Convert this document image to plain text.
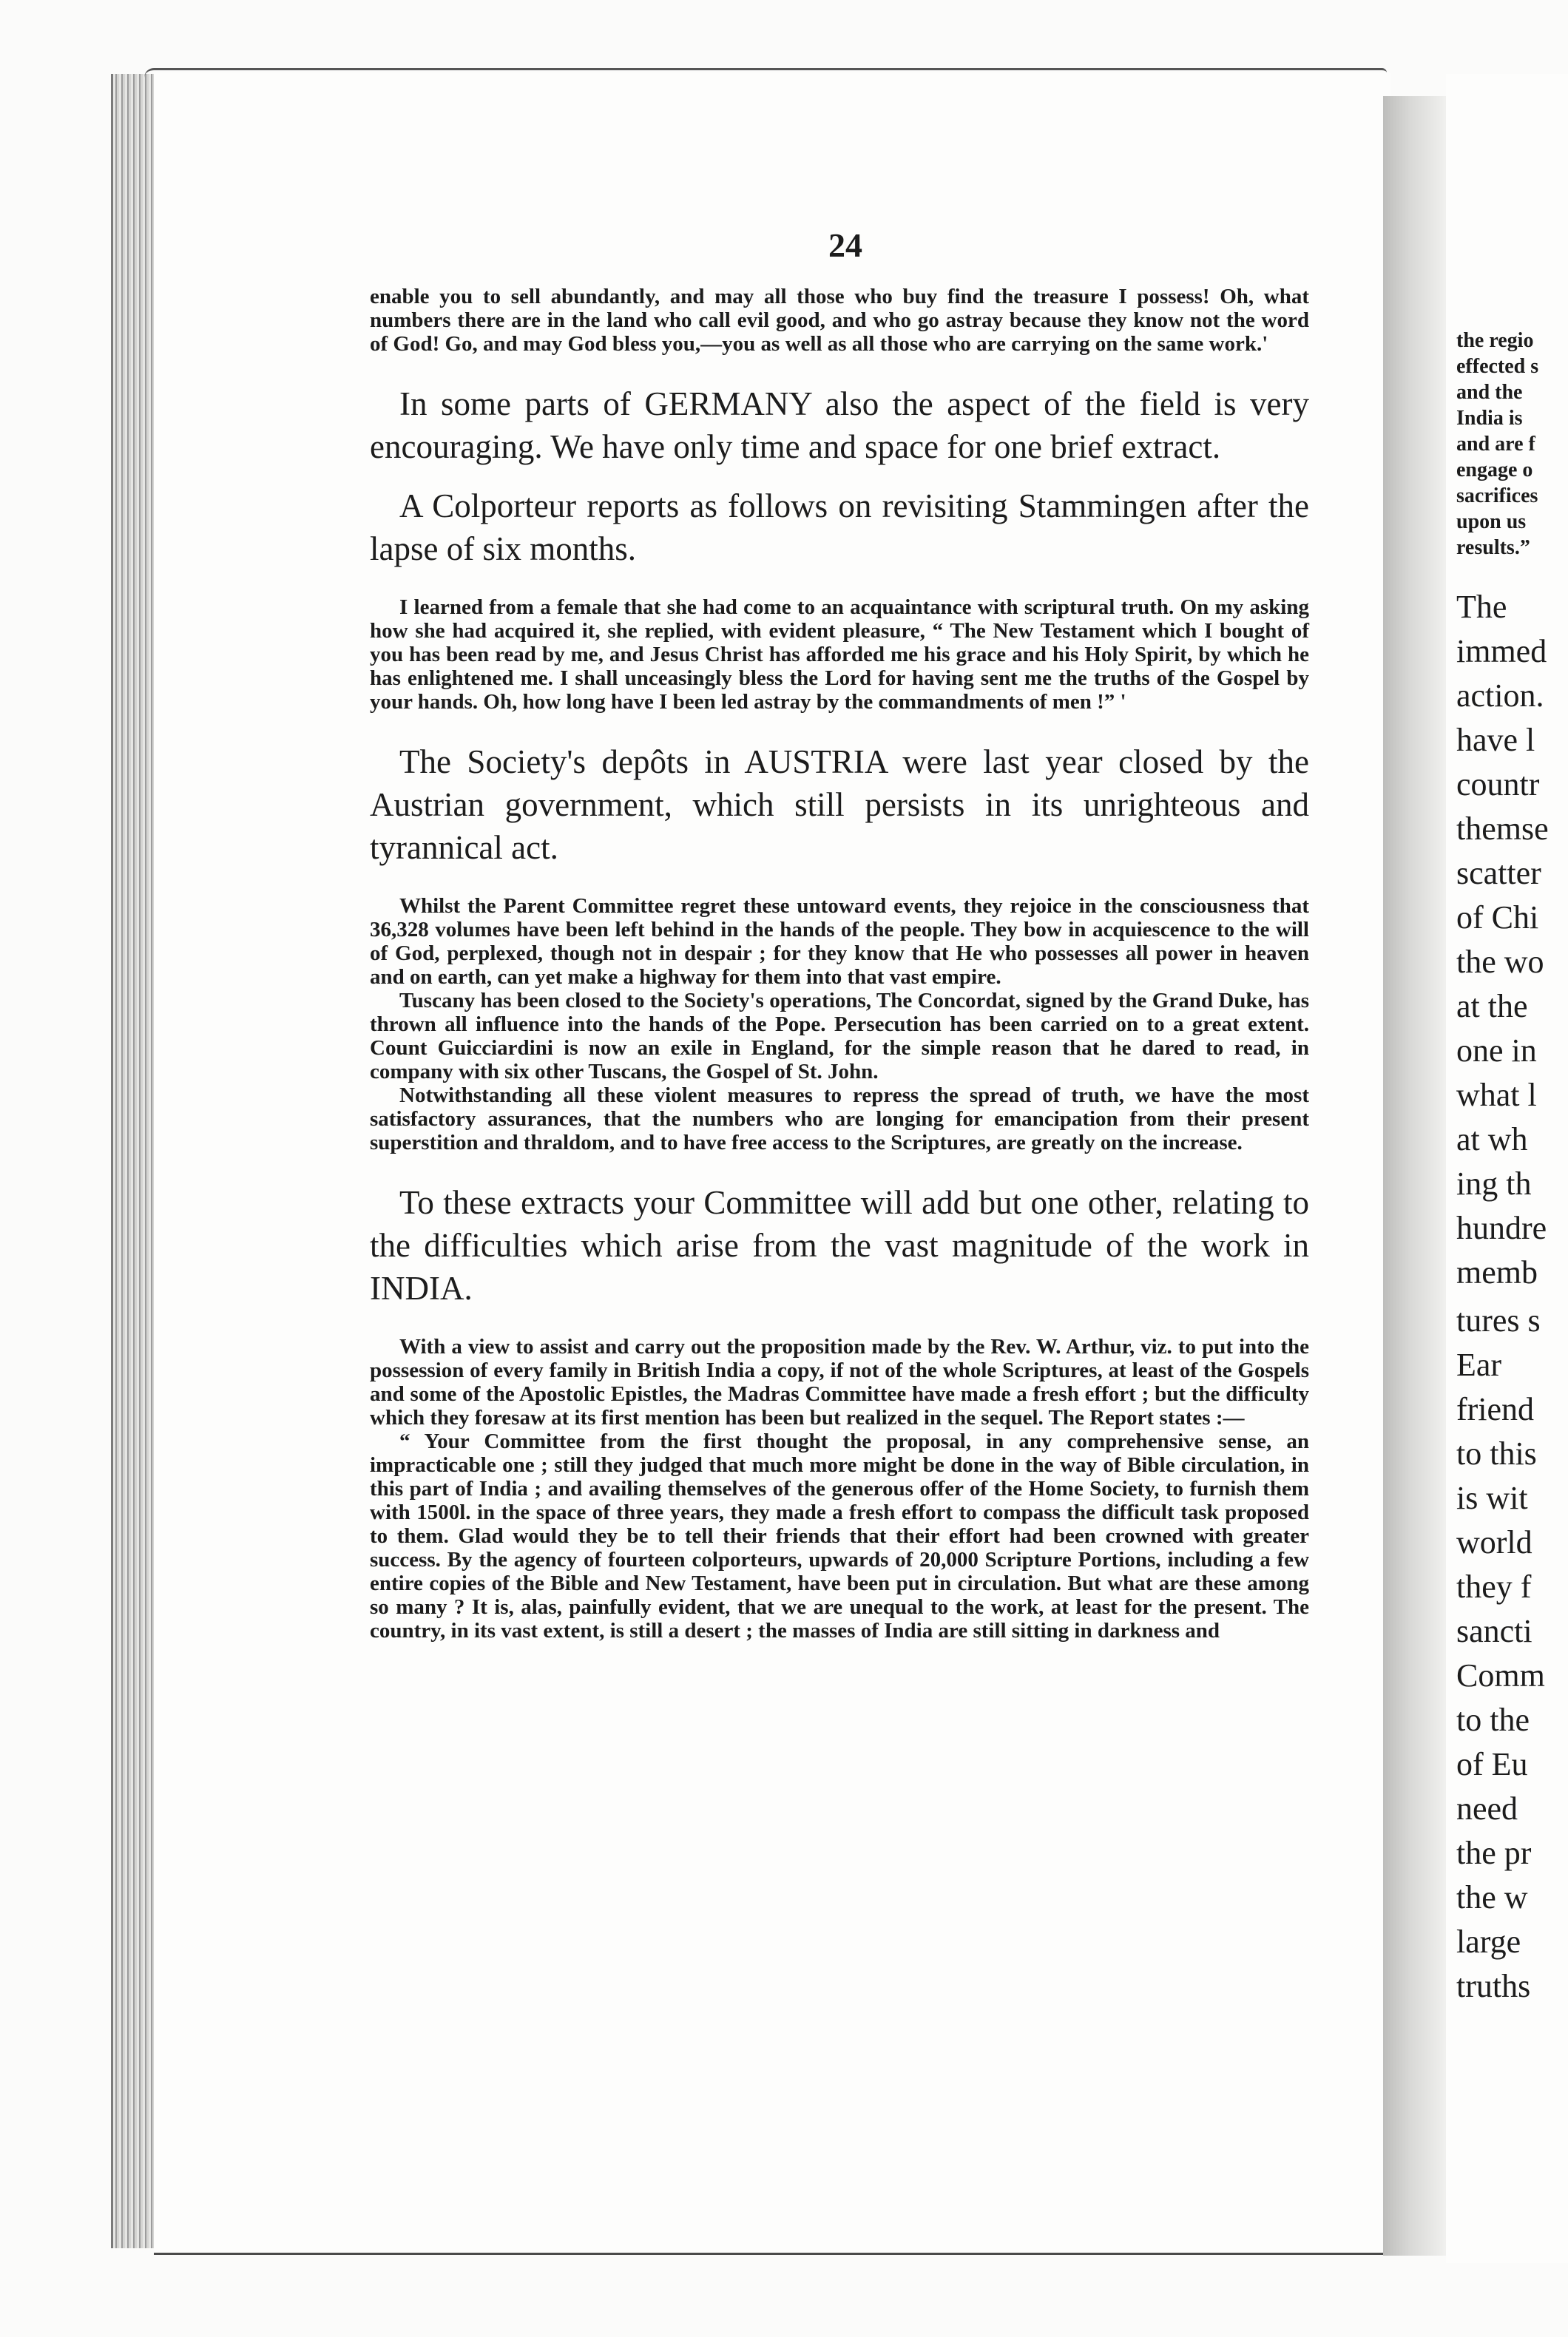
the regio
effected s
and the
India is
and are f
engage o
sacrifices
upon us
results.”
The
immed
action.
have l
countr
themse
scatter
of Chi
the wo
at the
one in
what l
at wh
ing th
hundre
memb
tures s
Ear
friend
to this
is wit
world
they f
sancti
Comm
to the
of Eu
need
the pr
the w
large
truths
24

enable you to sell abundantly, and may all those who buy find the treasure I possess! Oh, what numbers there are in the land who call evil good, and who go astray because they know not the word of God! Go, and may God bless you,—you as well as all those who are carrying on the same work.'

In some parts of GERMANY also the aspect of the field is very encouraging. We have only time and space for one brief extract.

A Colporteur reports as follows on revisiting Stammingen after the lapse of six months.

I learned from a female that she had come to an acquaintance with scriptural truth. On my asking how she had acquired it, she replied, with evident pleasure, “ The New Testament which I bought of you has been read by me, and Jesus Christ has afforded me his grace and his Holy Spirit, by which he has enlightened me. I shall unceasingly bless the Lord for having sent me the truths of the Gospel by your hands. Oh, how long have I been led astray by the commandments of men !” '

The Society's depôts in AUSTRIA were last year closed by the Austrian government, which still persists in its unrighteous and tyrannical act.

Whilst the Parent Committee regret these untoward events, they rejoice in the consciousness that 36,328 volumes have been left behind in the hands of the people. They bow in acquiescence to the will of God, perplexed, though not in despair ; for they know that He who possesses all power in heaven and on earth, can yet make a highway for them into that vast empire.

Tuscany has been closed to the Society's operations, The Concordat, signed by the Grand Duke, has thrown all influence into the hands of the Pope. Persecution has been carried on to a great extent. Count Guicciardini is now an exile in England, for the simple reason that he dared to read, in company with six other Tuscans, the Gospel of St. John.

Notwithstanding all these violent measures to repress the spread of truth, we have the most satisfactory assurances, that the numbers who are longing for emancipation from their present superstition and thraldom, and to have free access to the Scriptures, are greatly on the increase.

To these extracts your Committee will add but one other, relating to the difficulties which arise from the vast magnitude of the work in INDIA.

With a view to assist and carry out the proposition made by the Rev. W. Arthur, viz. to put into the possession of every family in British India a copy, if not of the whole Scriptures, at least of the Gospels and some of the Apostolic Epistles, the Madras Committee have made a fresh effort ; but the difficulty which they foresaw at its first mention has been but realized in the sequel. The Report states :—

“ Your Committee from the first thought the proposal, in any comprehensive sense, an impracticable one ; still they judged that much more might be done in the way of Bible circulation, in this part of India ; and availing themselves of the generous offer of the Home Society, to furnish them with 1500l. in the space of three years, they made a fresh effort to compass the difficult task proposed to them. Glad would they be to tell their friends that their effort had been crowned with greater success. By the agency of fourteen colporteurs, upwards of 20,000 Scripture Portions, including a few entire copies of the Bible and New Testament, have been put in circulation. But what are these among so many ? It is, alas, painfully evident, that we are unequal to the work, at least for the present. The country, in its vast extent, is still a desert ; the masses of India are still sitting in darkness and
